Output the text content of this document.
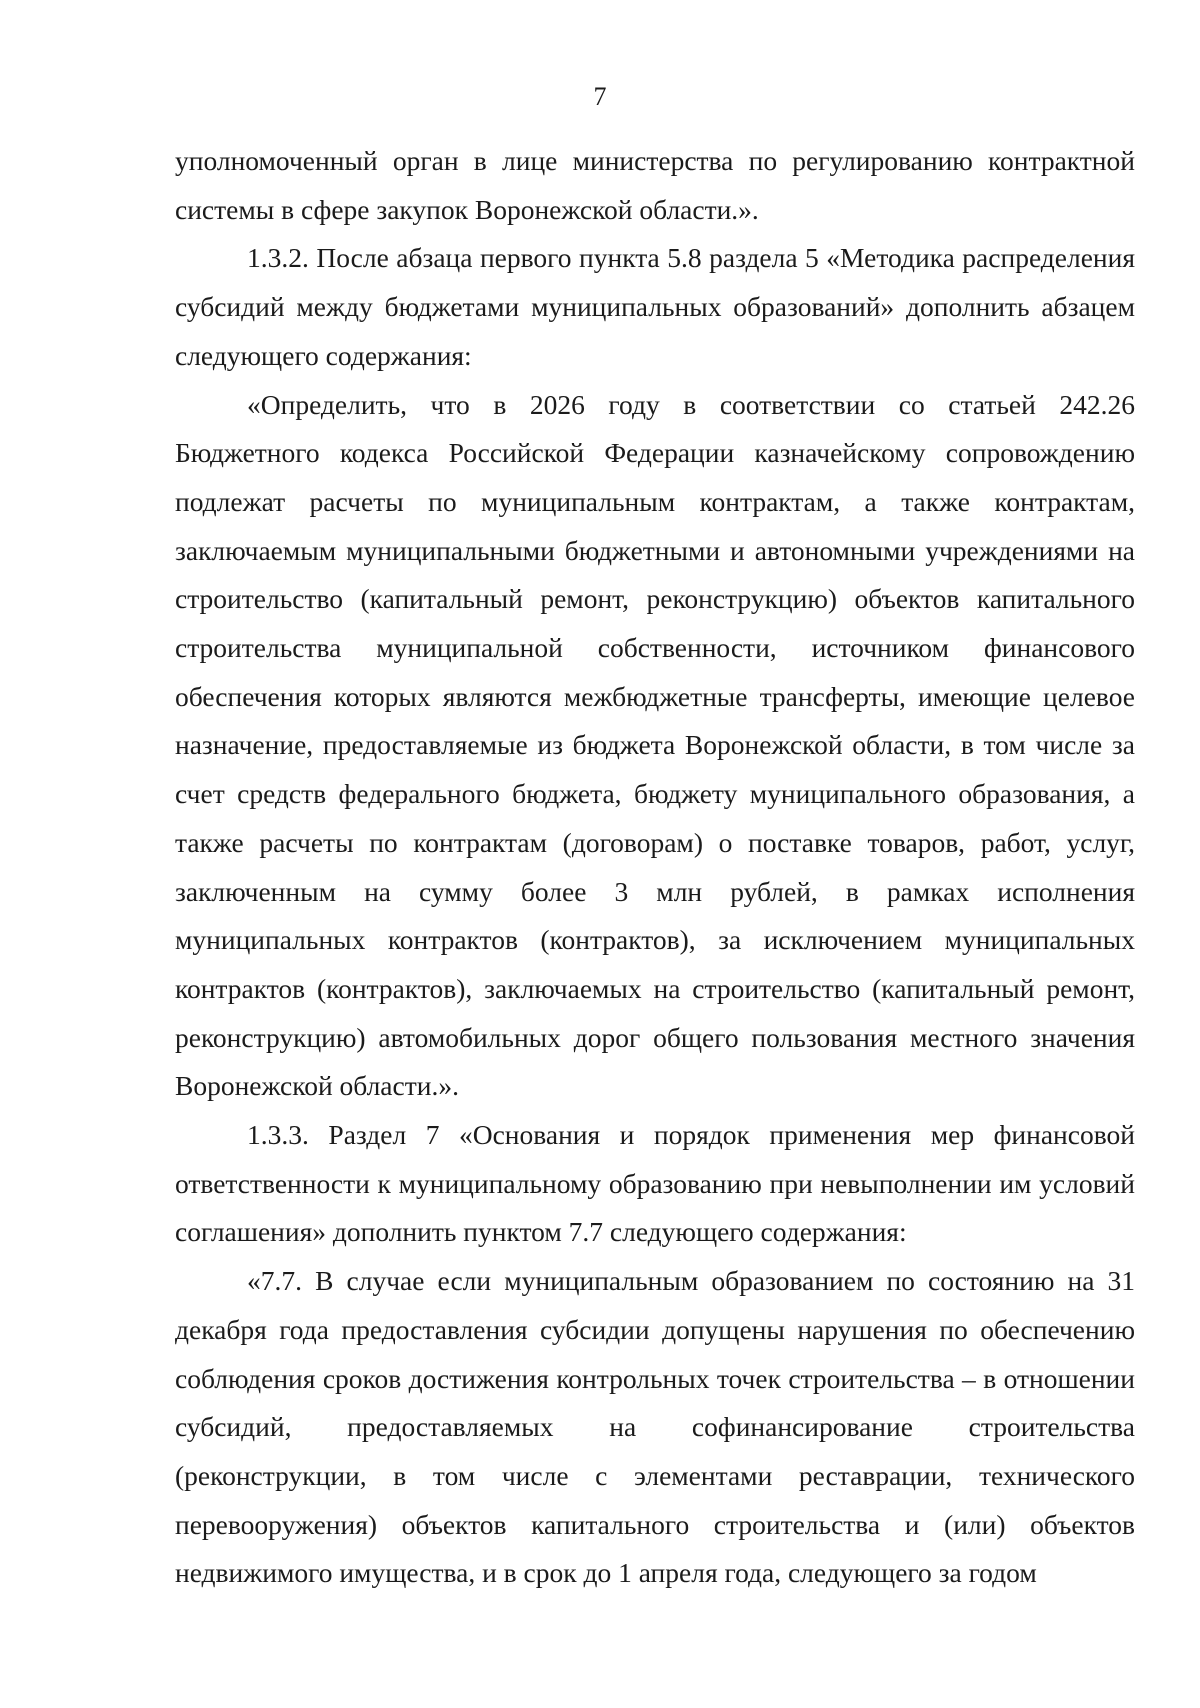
7

уполномоченный орган в лице министерства по регулированию контрактной системы в сфере закупок Воронежской области.».

1.3.2. После абзаца первого пункта 5.8 раздела 5 «Методика распределения субсидий между бюджетами муниципальных образований» дополнить абзацем следующего содержания:

«Определить, что в 2026 году в соответствии со статьей 242.26 Бюджетного кодекса Российской Федерации казначейскому сопровождению подлежат расчеты по муниципальным контрактам, а также контрактам, заключаемым муниципальными бюджетными и автономными учреждениями на строительство (капитальный ремонт, реконструкцию) объектов капитального строительства муниципальной собственности, источником финансового обеспечения которых являются межбюджетные трансферты, имеющие целевое назначение, предоставляемые из бюджета Воронежской области, в том числе за счет средств федерального бюджета, бюджету муниципального образования, а также расчеты по контрактам (договорам) о поставке товаров, работ, услуг, заключенным на сумму более 3 млн рублей, в рамках исполнения муниципальных контрактов (контрактов), за исключением муниципальных контрактов (контрактов), заключаемых на строительство (капитальный ремонт, реконструкцию) автомобильных дорог общего пользования местного значения Воронежской области.».

1.3.3. Раздел 7 «Основания и порядок применения мер финансовой ответственности к муниципальному образованию при невыполнении им условий соглашения» дополнить пунктом 7.7 следующего содержания:

«7.7. В случае если муниципальным образованием по состоянию на 31 декабря года предоставления субсидии допущены нарушения по обеспечению соблюдения сроков достижения контрольных точек строительства – в отношении субсидий, предоставляемых на софинансирование строительства (реконструкции, в том числе с элементами реставрации, технического перевооружения) объектов капитального строительства и (или) объектов недвижимого имущества, и в срок до 1 апреля года, следующего за годом
